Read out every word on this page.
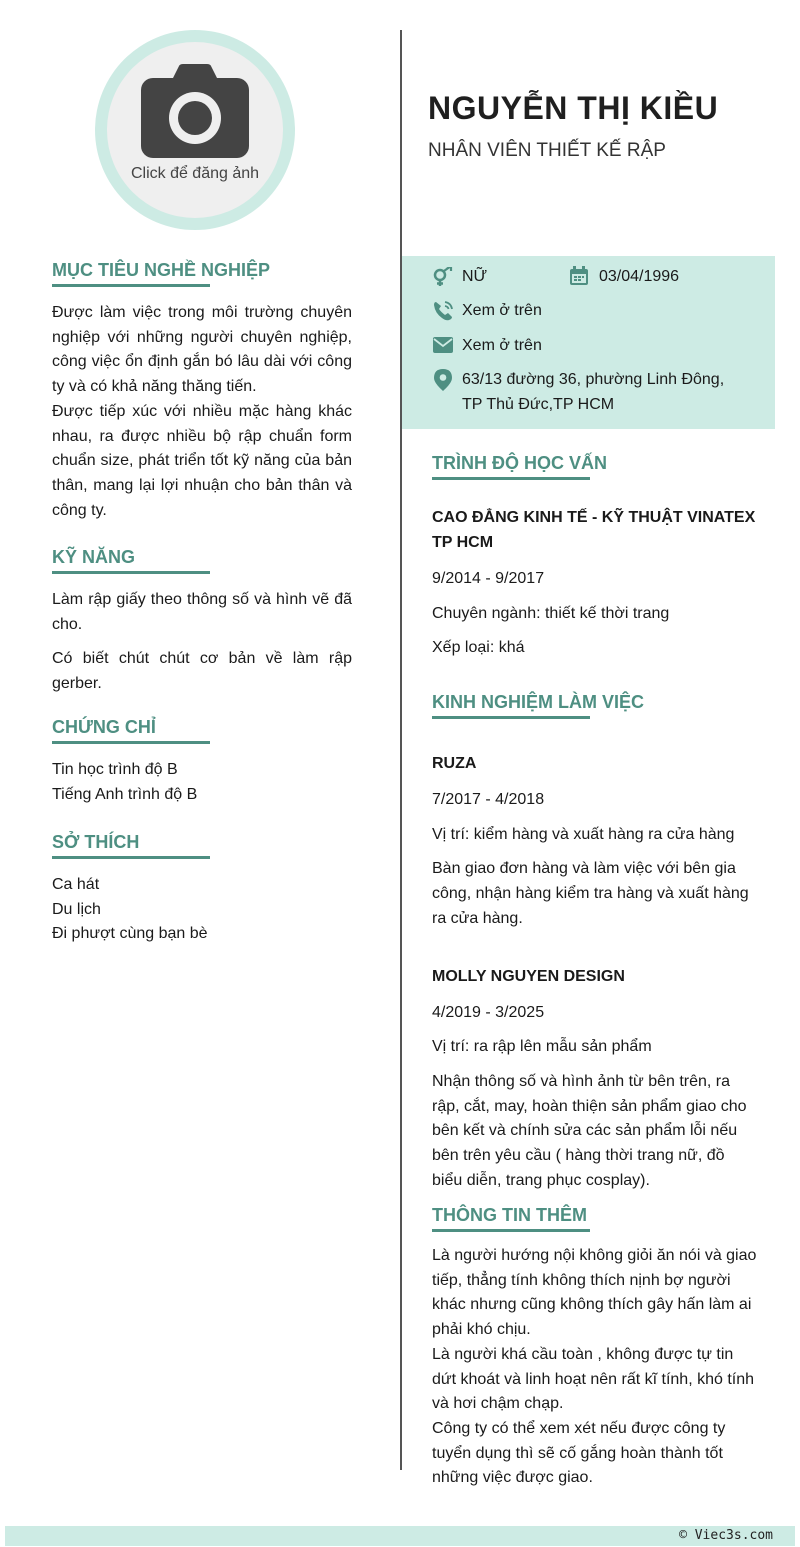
Click để đăng ảnh
NGUYỄN THỊ KIỀU
NHÂN VIÊN THIẾT KẾ RẬP
NỮ	03/04/1996
Xem ở trên
Xem ở trên
63/13 đường 36, phường Linh Đông,
TP Thủ Đức,TP HCM
MỤC TIÊU NGHỀ NGHIỆP
Được làm việc trong môi trường chuyên nghiệp với những người chuyên nghiệp, công việc ổn định gắn bó lâu dài với công ty và có khả năng thăng tiến.
Được tiếp xúc với nhiều mặc hàng khác nhau, ra được nhiều bộ rập chuẩn form chuẩn size, phát triển tốt kỹ năng của bản thân, mang lại lợi nhuận cho bản thân và công ty.
KỸ NĂNG
Làm rập giấy theo thông số và hình vẽ đã cho.
Có biết chút chút cơ bản về làm rập gerber.
CHỨNG CHỈ
Tin học trình độ B
Tiếng Anh trình độ B
SỞ THÍCH
Ca hát
Du lịch
Đi phượt cùng bạn bè
TRÌNH ĐỘ HỌC VẤN
CAO ĐẲNG KINH TẾ - KỸ THUẬT VINATEX
TP HCM
9/2014 - 9/2017
Chuyên ngành: thiết kế thời trang
Xếp loại: khá
KINH NGHIỆM LÀM VIỆC
RUZA
7/2017 - 4/2018
Vị trí: kiểm hàng và xuất hàng ra cửa hàng
Bàn giao đơn hàng và làm việc với bên gia công, nhận hàng kiểm tra hàng và xuất hàng ra cửa hàng.
MOLLY NGUYEN DESIGN
4/2019 - 3/2025
Vị trí: ra rập lên mẫu sản phẩm
Nhận thông số và hình ảnh từ bên trên, ra rập, cắt, may, hoàn thiện sản phẩm giao cho bên kết và chính sửa các sản phẩm lỗi nếu bên trên yêu cầu ( hàng thời trang nữ, đồ biểu diễn, trang phục cosplay).
THÔNG TIN THÊM
Là người hướng nội không giỏi ăn nói và giao tiếp, thẳng tính không thích nịnh bợ người khác nhưng cũng không thích gây hấn làm ai phải khó chịu.
Là người khá cầu toàn , không được tự tin dứt khoát và linh hoạt nên rất kĩ tính, khó tính và hơi chậm chạp.
Công ty có thể xem xét nếu được công ty tuyển dụng thì sẽ cố gắng hoàn thành tốt những việc được giao.
© Viec3s.com
